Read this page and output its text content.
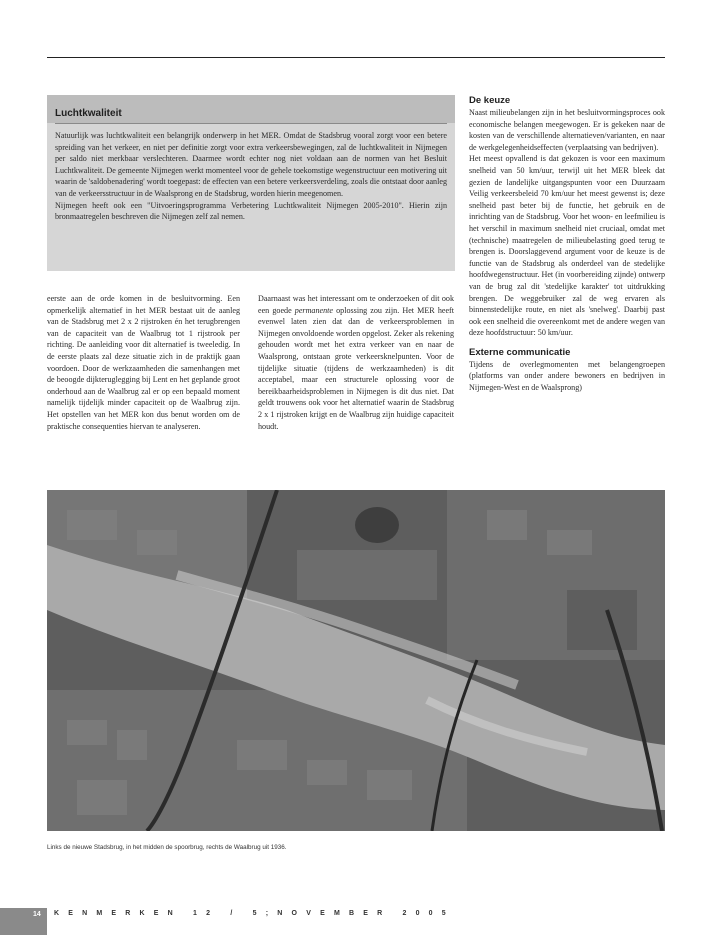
Luchtkwaliteit

Natuurlijk was luchtkwaliteit een belangrijk onderwerp in het MER. Omdat de Stadsbrug vooral zorgt voor een betere spreiding van het verkeer, en niet per definitie zorgt voor extra verkeersbewegingen, zal de luchtkwaliteit in Nijmegen per saldo niet merkbaar verslechteren. Daarmee wordt echter nog niet voldaan aan de normen van het Besluit Luchtkwaliteit. De gemeente Nijmegen werkt momenteel voor de gehele toekomstige wegenstructuur een motivering uit waarin de 'saldobenadering' wordt toegepast: de effecten van een betere verkeersverdeling, zoals die ontstaat door aanleg van de verkeersstructuur in de Waalsprong en de Stadsbrug, worden hierin meegenomen.

Nijmegen heeft ook een "Uitvoeringsprogramma Verbetering Luchtkwaliteit Nijmegen 2005-2010". Hierin zijn bronmaatregelen beschreven die Nijmegen zelf zal nemen.

eerste aan de orde komen in de besluitvorming. Een opmerkelijk alternatief in het MER bestaat uit de aanleg van de Stadsbrug met 2 x 2 rijstroken én het terugbrengen van de capaciteit van de Waalbrug tot 1 rijstrook per richting. De aanleiding voor dit alternatief is tweeledig. In de eerste plaats zal deze situatie zich in de praktijk gaan voordoen. Door de werkzaamheden die samenhangen met de beoogde dijkteruglegging bij Lent en het geplande groot onderhoud aan de Waalbrug zal er op een bepaald moment namelijk tijdelijk minder capaciteit op de Waalbrug zijn. Het opstellen van het MER kon dus benut worden om de praktische consequenties hiervan te analyseren.

Daarnaast was het interessant om te onderzoeken of dit ook een goede permanente oplossing zou zijn. Het MER heeft evenwel laten zien dat dan de verkeersproblemen in Nijmegen onvoldoende worden opgelost. Zeker als rekening gehouden wordt met het extra verkeer van en naar de Waalsprong, ontstaan grote verkeersknelpunten. Voor de tijdelijke situatie (tijdens de werkzaamheden) is dit acceptabel, maar een structurele oplossing voor de bereikbaarheidsproblemen in Nijmegen is dit dus niet. Dat geldt trouwens ook voor het alternatief waarin de Stadsbrug 2 x 1 rijstroken krijgt en de Waalbrug zijn huidige capaciteit houdt.

De keuze

Naast milieubelangen zijn in het besluitvormingsproces ook economische belangen meegewogen. Er is gekeken naar de kosten van de verschillende alternatieven/varianten, en naar de werkgelegenheidseffecten (verplaatsing van bedrijven).

Het meest opvallend is dat gekozen is voor een maximum snelheid van 50 km/uur, terwijl uit het MER bleek dat gezien de landelijke uitgangspunten voor een Duurzaam Veilig verkeersbeleid 70 km/uur het meest gewenst is; deze snelheid past beter bij de functie, het gebruik en de inrichting van de Stadsbrug. Voor het woon- en leefmilieu is het verschil in maximum snelheid niet cruciaal, omdat met (technische) maatregelen de milieubelasting goed terug te brengen is. Doorslaggevend argument voor de keuze is de functie van de Stadsbrug als onderdeel van de stedelijke hoofdwegenstructuur. Het (in voorbereiding zijnde) ontwerp van de brug zal dit 'stedelijke karakter' tot uitdrukking brengen. De weggebruiker zal de weg ervaren als binnenstedelijke route, en niet als 'snelweg'. Daarbij past ook een snelheid die overeenkomt met de andere wegen van deze hoofdstructuur: 50 km/uur.

Externe communicatie

Tijdens de overlegmomenten met belangengroepen (platforms van onder andere bewoners en bedrijven in Nijmegen-West en de Waalsprong)

Links de nieuwe Stadsbrug, in het midden de spoorbrug, rechts de Waalbrug uit 1936.
14 KENMERKEN 12 / 5;NOVEMBER 2005
